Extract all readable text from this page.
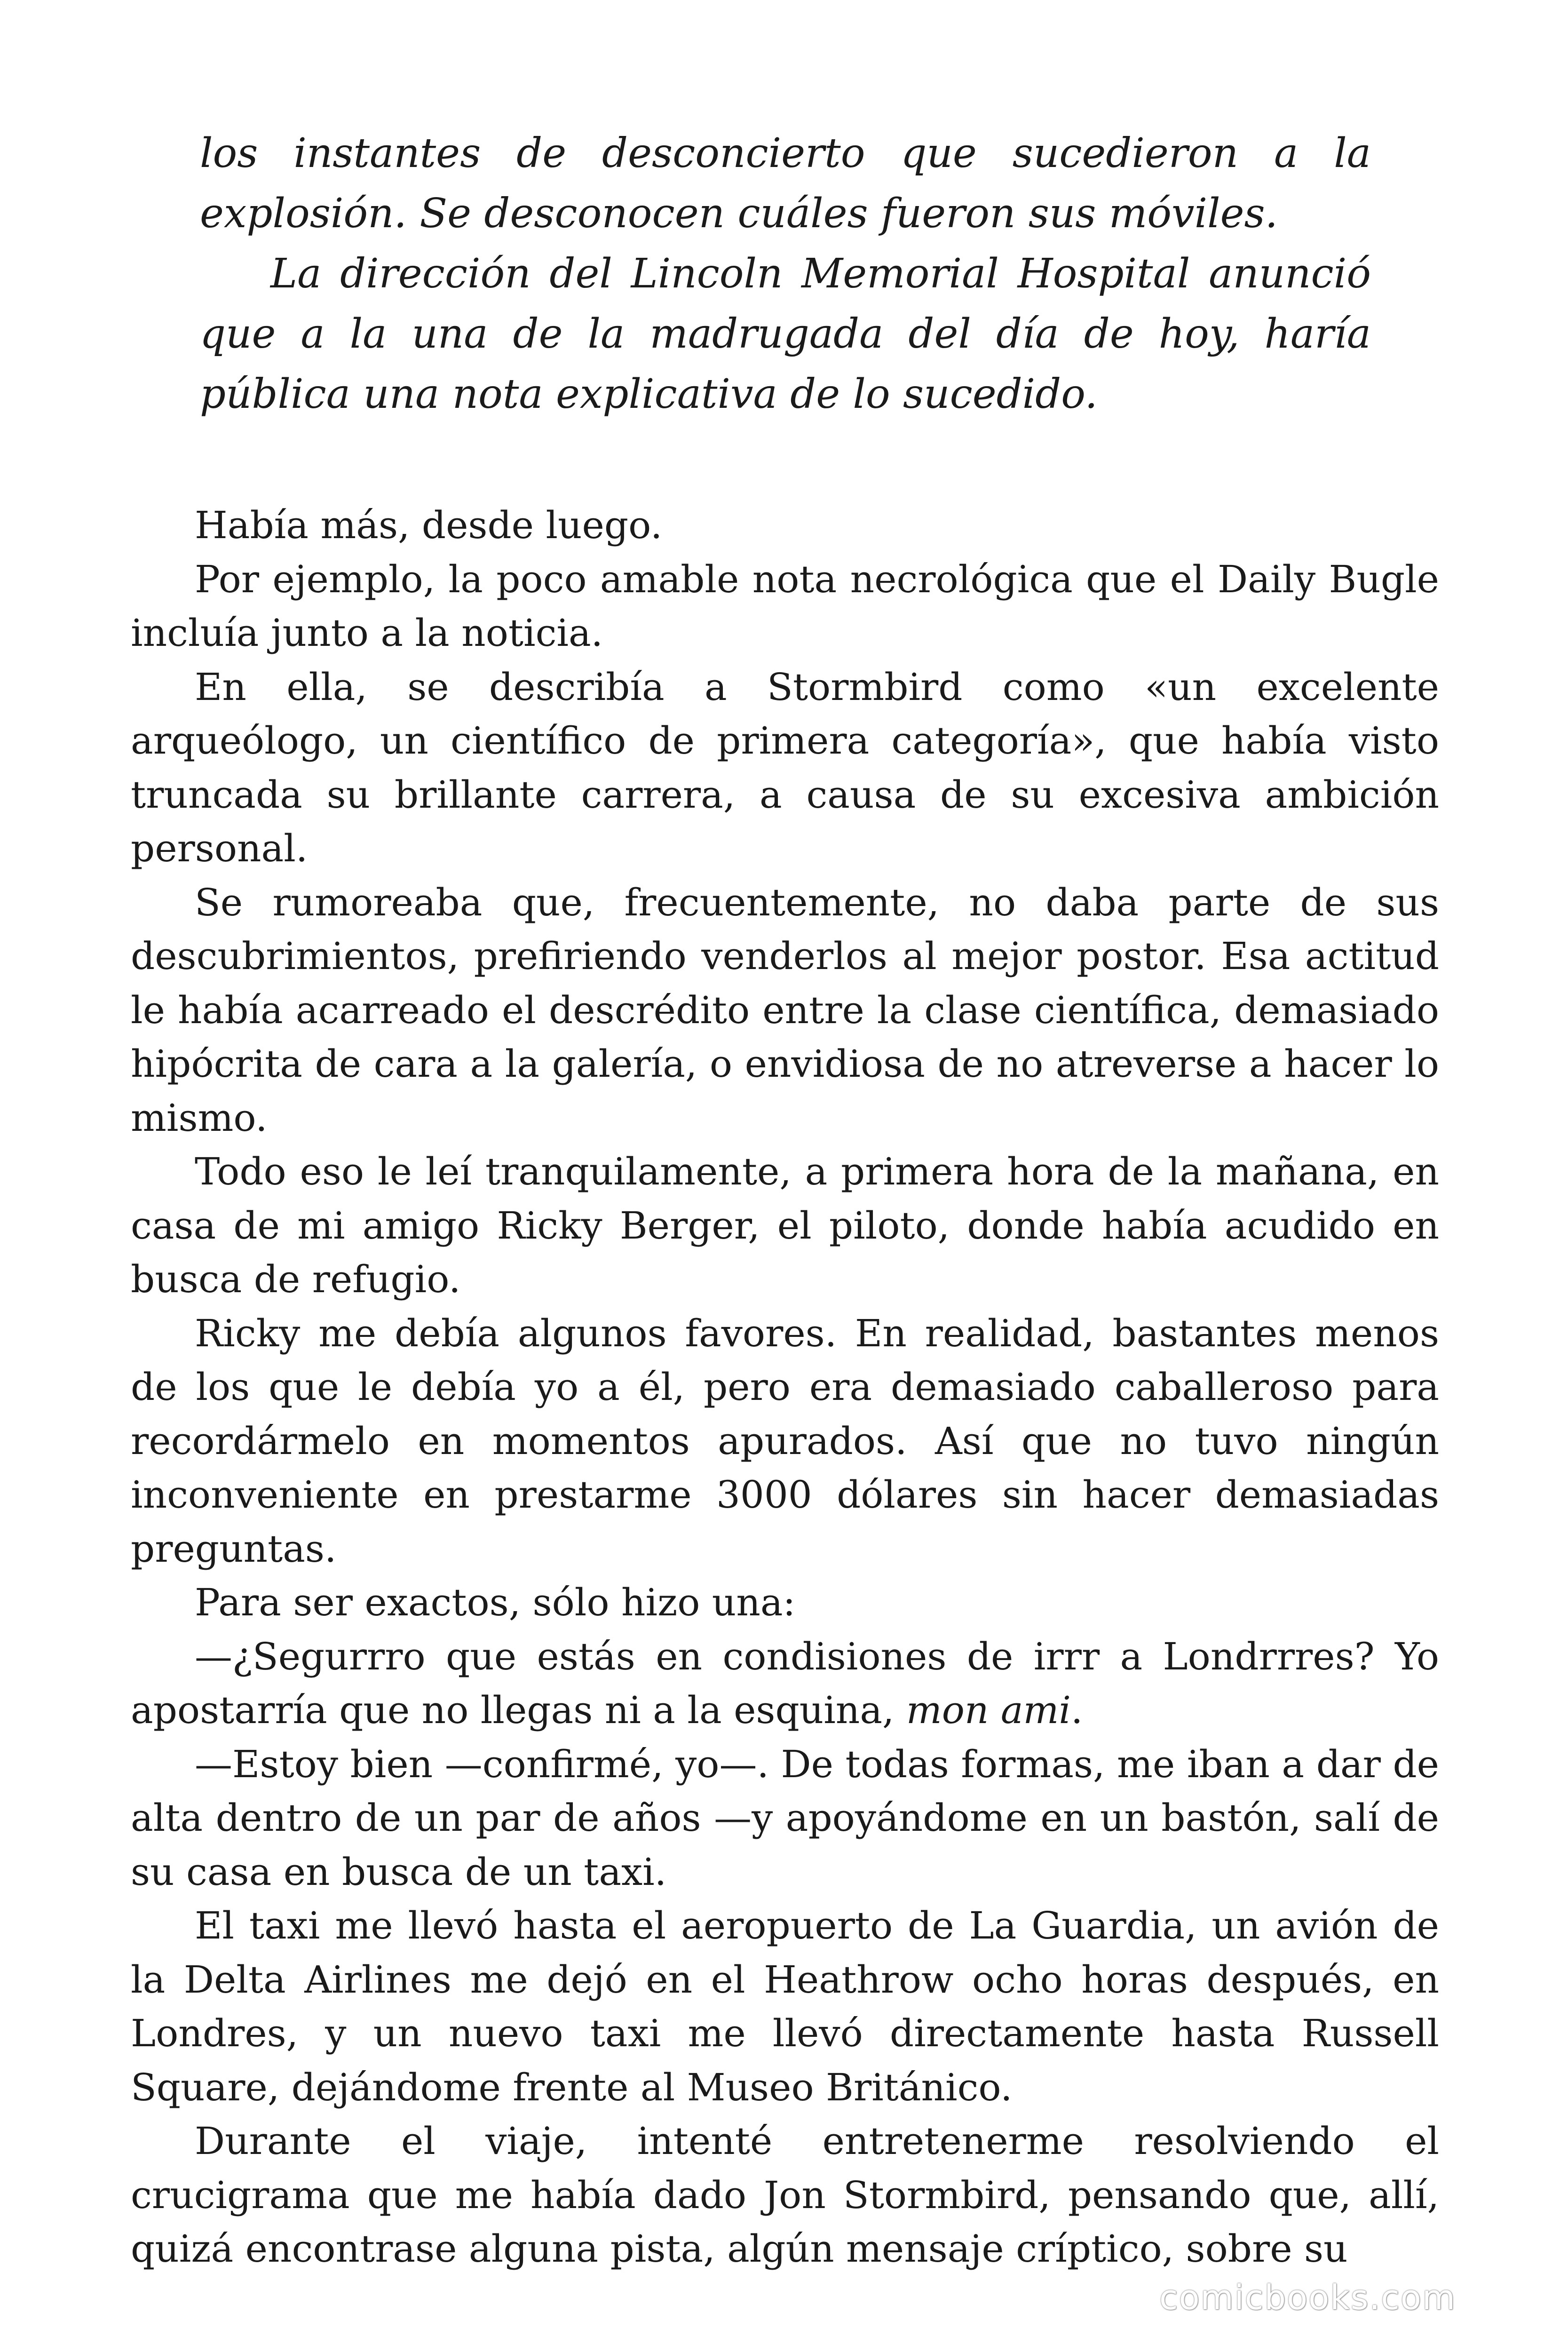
los instantes de desconcierto que sucedieron a la explosión. Se desconocen cuáles fueron sus móviles.

La dirección del Lincoln Memorial Hospital anunció que a la una de la madrugada del día de hoy, haría pública una nota explicativa de lo sucedido.

Había más, desde luego.

Por ejemplo, la poco amable nota necrológica que el Daily Bugle incluía junto a la noticia.

En ella, se describía a Stormbird como «un excelente arqueólogo, un científico de primera categoría», que había visto truncada su brillante carrera, a causa de su excesiva ambición personal.

Se rumoreaba que, frecuentemente, no daba parte de sus descubrimientos, prefiriendo venderlos al mejor postor. Esa actitud le había acarreado el descrédito entre la clase científica, demasiado hipócrita de cara a la galería, o envidiosa de no atreverse a hacer lo mismo.

Todo eso le leí tranquilamente, a primera hora de la mañana, en casa de mi amigo Ricky Berger, el piloto, donde había acudido en busca de refugio.

Ricky me debía algunos favores. En realidad, bastantes menos de los que le debía yo a él, pero era demasiado caballeroso para recordármelo en momentos apurados. Así que no tuvo ningún inconveniente en prestarme 3000 dólares sin hacer demasiadas preguntas.

Para ser exactos, sólo hizo una:

—¿Segurrro que estás en condisiones de irrr a Londrrres? Yo apostarría que no llegas ni a la esquina, mon ami.

—Estoy bien —confirmé, yo—. De todas formas, me iban a dar de alta dentro de un par de años —y apoyándome en un bastón, salí de su casa en busca de un taxi.

El taxi me llevó hasta el aeropuerto de La Guardia, un avión de la Delta Airlines me dejó en el Heathrow ocho horas después, en Londres, y un nuevo taxi me llevó directamente hasta Russell Square, dejándome frente al Museo Británico.

Durante el viaje, intenté entretenerme resolviendo el crucigrama que me había dado Jon Stormbird, pensando que, allí, quizá encontrase alguna pista, algún mensaje críptico, sobre su

comicbooks.com
